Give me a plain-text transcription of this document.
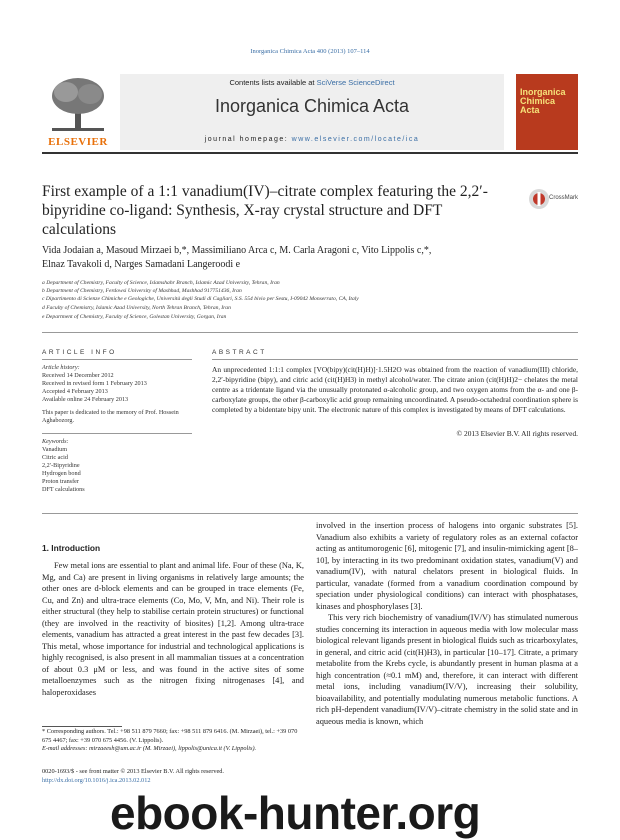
Inorganica Chimica Acta 400 (2013) 107–114
ELSEVIER
Contents lists available at SciVerse ScienceDirect
Inorganica Chimica Acta
journal homepage: www.elsevier.com/locate/ica
Inorganica Chimica Acta
First example of a 1:1 vanadium(IV)–citrate complex featuring the 2,2′-bipyridine co-ligand: Synthesis, X-ray crystal structure and DFT calculations
CrossMark
Vida Jodaian a, Masoud Mirzaei b,*, Massimiliano Arca c, M. Carla Aragoni c, Vito Lippolis c,*,
Elnaz Tavakoli d, Narges Samadani Langeroodi e
a Department of Chemistry, Faculty of Science, Islamshahr Branch, Islamic Azad University, Tehran, Iran
b Department of Chemistry, Ferdowsi University of Mashhad, Mashhad 917751436, Iran
c Dipartimento di Scienze Chimiche e Geologiche, Università degli Studi di Cagliari, S.S. 554 bivio per Sestu, I-09042 Monserrato, CA, Italy
d Faculty of Chemistry, Islamic Azad University, North Tehran Branch, Tehran, Iran
e Department of Chemistry, Faculty of Science, Golestan University, Gorgan, Iran
ARTICLE INFO
Article history:
Received 14 December 2012
Received in revised form 1 February 2013
Accepted 4 February 2013
Available online 24 February 2013
This paper is dedicated to the memory of Prof. Hossein Aghabozorg.
Keywords:
Vanadium
Citric acid
2,2′-Bipyridine
Hydrogen bond
Proton transfer
DFT calculations
ABSTRACT
An unprecedented 1:1:1 complex [VO(bipy)(cit(H)H)]·1.5H2O was obtained from the reaction of vanadium(III) chloride, 2,2′-bipyridine (bipy), and citric acid (cit(H)H3) in methyl alcohol/water. The citrate anion (cit(H)H)2− chelates the metal centre as a tridentate ligand via the unusually protonated α-alcoholic group, and two oxygen atoms from the α- and one β-carboxylate groups, the other β-carboxylic acid group remaining uncoordinated. A pseudo-octahedral coordination sphere is completed by a bidentate bipy unit. The electronic nature of this complex is investigated by means of DFT calculations.
© 2013 Elsevier B.V. All rights reserved.
1. Introduction

Few metal ions are essential to plant and animal life. Four of these (Na, K, Mg, and Ca) are present in living organisms in relatively large amounts; the other ones are d-block elements and can be grouped in trace elements (Fe, Cu, and Zn) and ultra-trace elements (Co, Mo, V, Mn, and Ni). Their role is either structural (they help to stabilise certain protein structures) or functional (they are involved in the reactivity of biosites) [1,2]. Among ultra-trace elements, vanadium has attracted a great interest in the past few decades [3]. This metal, whose importance for industrial and technological applications is highly recognised, is also present in all mammalian tissues at a concentration of about 0.3 μM or less, and was found in the active sites of some metalloenzymes such as the nitrogen fixing nitrogenases [4], and haloperoxidases

involved in the insertion process of halogens into organic substrates [5]. Vanadium also exhibits a variety of regulatory roles as an external cofactor acting as antitumorogenic [6], mitogenic [7], and insulin-mimicking agent [8–10], by interacting in its two predominant oxidation states, vanadium(V) and vanadium(IV), with natural chelators present in biological fluids. In particular, vanadate (formed from a vanadium coordination compound by speciation under physiological conditions) can interact with phosphatases, kinases and phosphorylases [3].

This very rich biochemistry of vanadium(IV/V) has stimulated numerous studies concerning its interaction in aqueous media with low molecular mass biological relevant ligands present in biological fluids such as tricarboxylates, in general, and citric acid (cit(H)H3), in particular [10–17]. Citrate, a primary metabolite from the Krebs cycle, is abundantly present in human plasma at a high concentration (≈0.1 mM) and, therefore, it can interact with different metal ions, including vanadium(IV/V), increasing their solubility, bioavailability, and potentially modulating numerous metabolic functions. A rich pH-dependent vanadium(IV/V)–citrate chemistry in the solid state and in aqueous media is known, which

* Corresponding authors. Tel.: +98 511 879 7660; fax: +98 511 879 6416. (M. Mirzaei), tel.: +39 070 675 4467; fax: +39 070 675 4456. (V. Lippolis).
E-mail addresses: mirzaeesh@um.ac.ir (M. Mirzaei), lippolis@unica.it (V. Lippolis).
0020-1693/$ - see front matter © 2013 Elsevier B.V. All rights reserved.
http://dx.doi.org/10.1016/j.ica.2013.02.012
ebook-hunter.org
